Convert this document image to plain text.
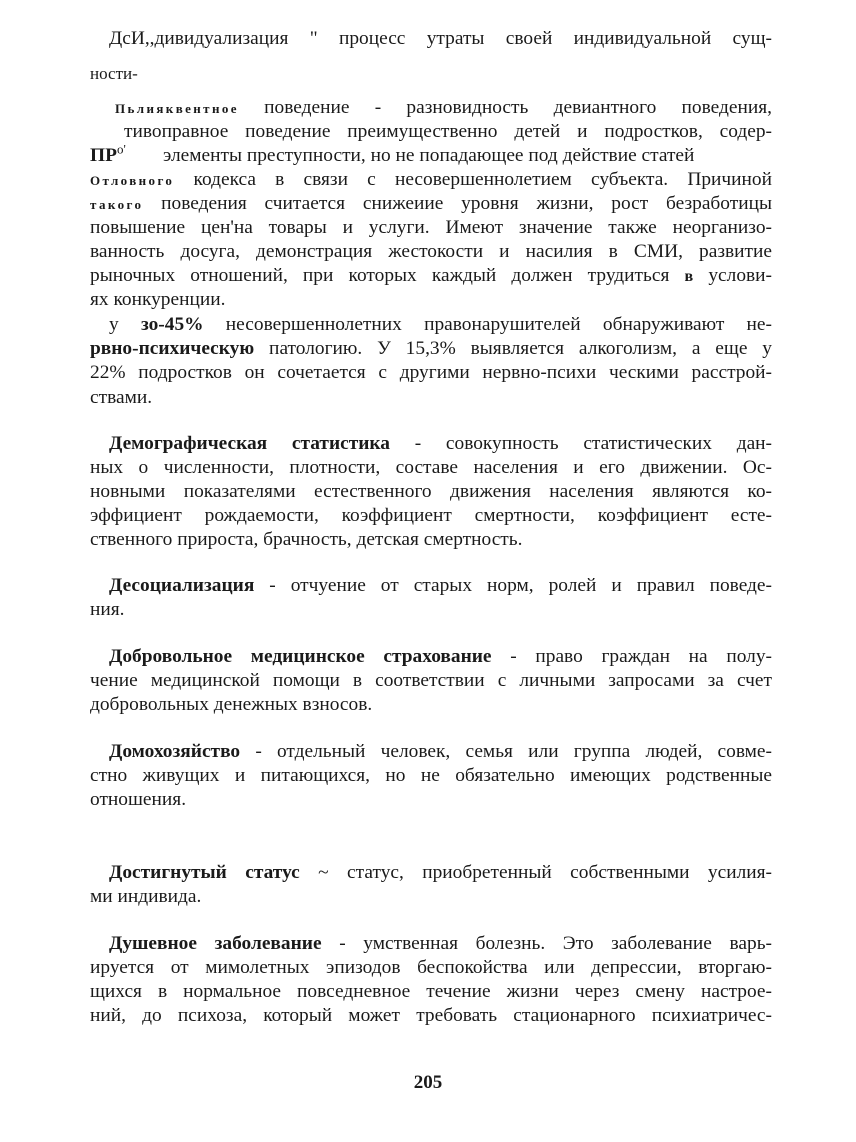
ДсИ,,дивидуализация " процесс утраты своей индивидуальной сущ-
ности-
Пьлияквентное поведение - разновидность девиантного поведения,
тивоправное поведение преимущественно детей и подростков, содер-
$ПР^{о'}$ элементы преступности, но не попадающее под действие статей
Отловного кодекса в связи с несовершеннолетием субъекта. Причиной
такого поведения считается снижеиие уровня жизни, рост безработицы
повышение цен'на товары и услуги. Имеют значение также неорганизо-
ванность досуга, демонстрация жестокости и насилия в СМИ, развитие
рыночных отношений, при которых каждый должен трудиться в услови-
ях конкуренции.
у зо-45% несовершеннолетних правонарушителей обнаруживают не-
рвно-психическую патологию. У 15,3% выявляется алкоголизм, а еще у
22% подростков он сочетается с другими нервно-психи ческими расстрой-
ствами.
Демографическая статистика - совокупность статистических дан-
ных о численности, плотности, составе населения и его движении. Ос-
новными показателями естественного движения населения являются ко-
эффициент рождаемости, коэффициент смертности, коэффициент есте-
ственного прироста, брачность, детская смертность.
Десоциализация - отчуение от старых норм, ролей и правил поведе-
ния.
Добровольное медицинское страхование - право граждан на полу-
чение медицинской помощи в соответствии с личными запросами за счет
добровольных денежных взносов.
Домохозяйство - отдельный человек, семья или группа людей, совме-
стно живущих и питающихся, но не обязательно имеющих родственные
отношения.
Достигнутый статус ~ статус, приобретенный собственными усилия-
ми индивида.
Душевное заболевание - умственная болезнь. Это заболевание варь-
ируется от мимолетных эпизодов беспокойства или депрессии, вторгаю-
щихся в нормальное повседневное течение жизни через смену настрое-
ний, до психоза, который может требовать стационарного психиатричес-
205
